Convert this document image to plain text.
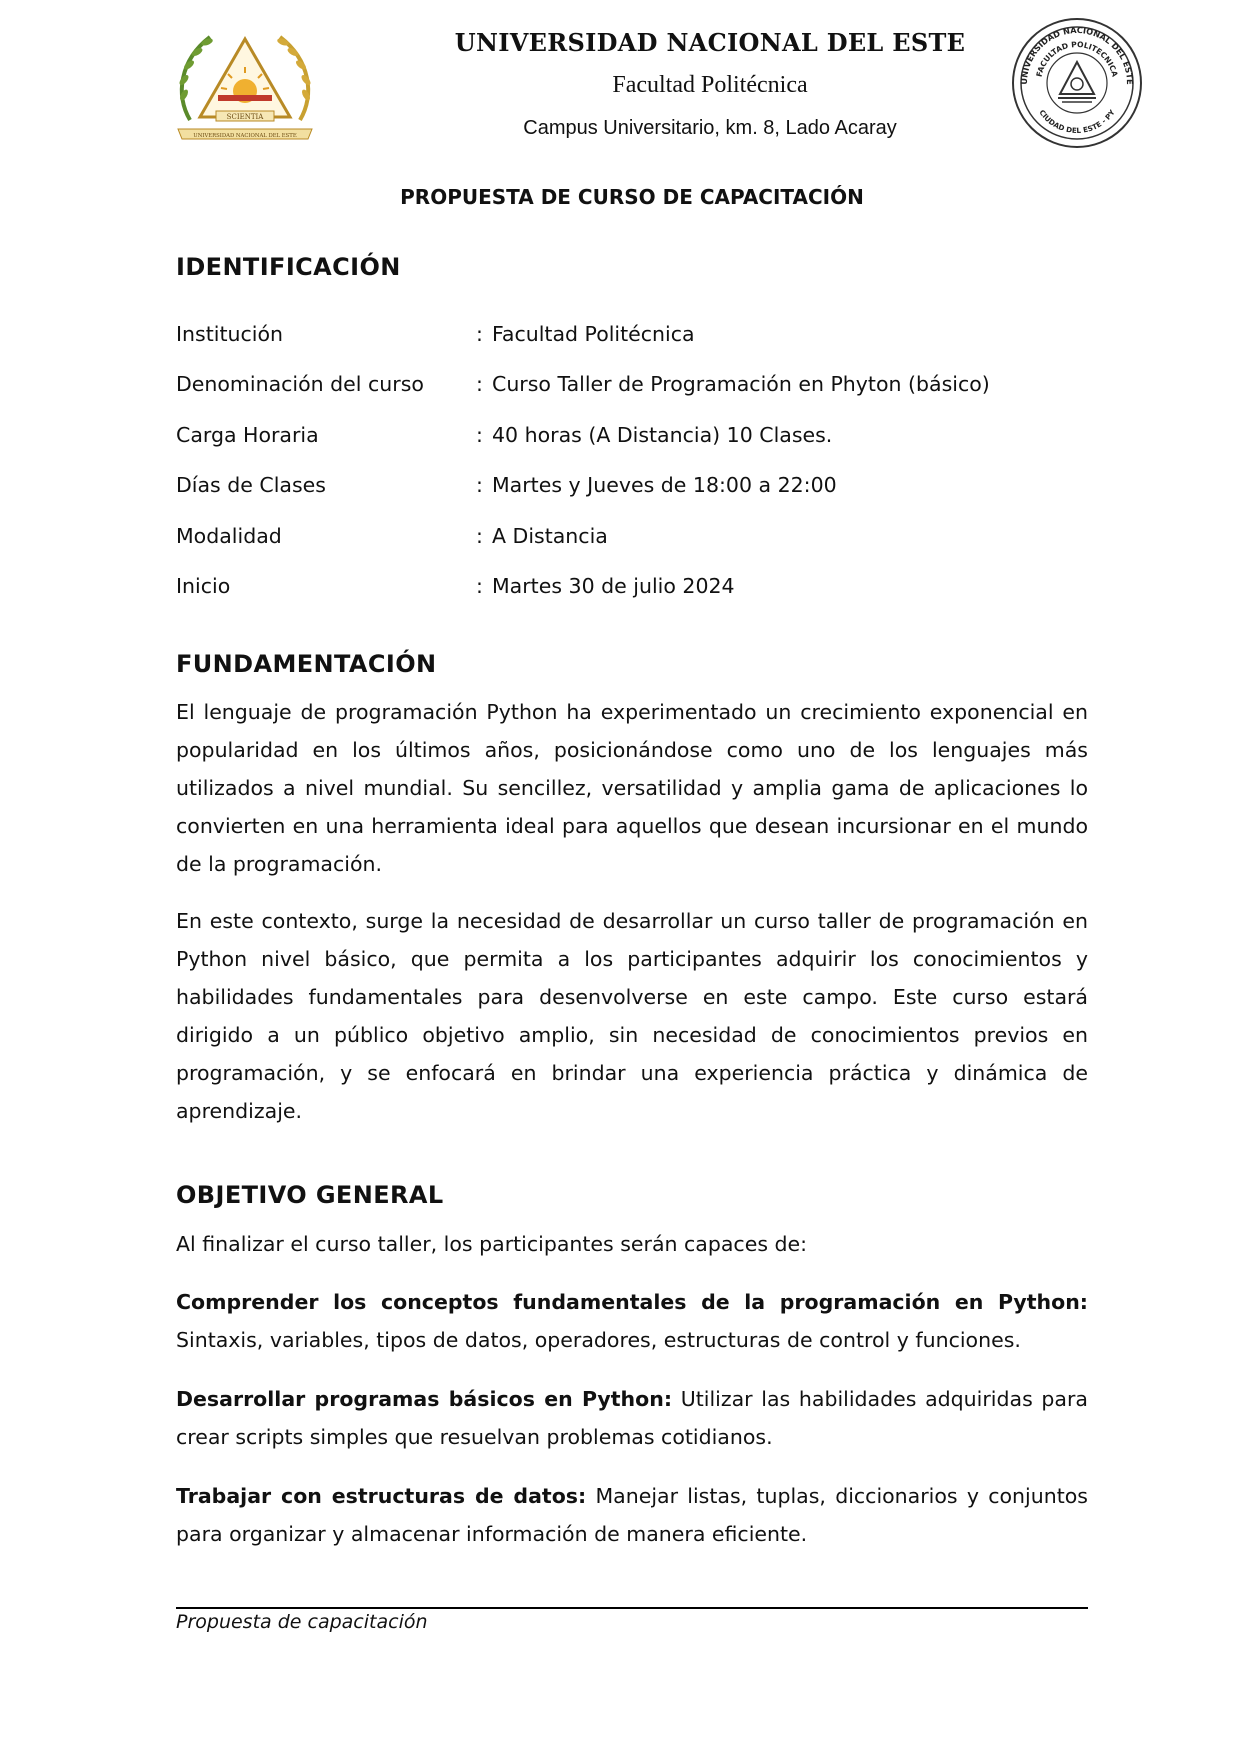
SCIENTIA
UNIVERSIDAD NACIONAL DEL ESTE
UNIVERSIDAD NACIONAL DEL ESTE
Facultad Politécnica
Campus Universitario, km. 8, Lado Acaray
UNIVERSIDAD NACIONAL DEL ESTE
FACULTAD POLITECNICA
CIUDAD DEL ESTE - PY
PROPUESTA DE CURSO DE CAPACITACIÓN
IDENTIFICACIÓN
Institución	: Facultad Politécnica
Denominación del curso	: Curso Taller de Programación en Phyton (básico)
Carga Horaria	: 40 horas (A Distancia) 10 Clases.
Días de Clases	: Martes y Jueves de 18:00 a 22:00
Modalidad	: A Distancia
Inicio	: Martes 30 de julio 2024
FUNDAMENTACIÓN

El lenguaje de programación Python ha experimentado un crecimiento exponencial en popularidad en los últimos años, posicionándose como uno de los lenguajes más utilizados a nivel mundial. Su sencillez, versatilidad y amplia gama de aplicaciones lo convierten en una herramienta ideal para aquellos que desean incursionar en el mundo de la programación.

En este contexto, surge la necesidad de desarrollar un curso taller de programación en Python nivel básico, que permita a los participantes adquirir los conocimientos y habilidades fundamentales para desenvolverse en este campo. Este curso estará dirigido a un público objetivo amplio, sin necesidad de conocimientos previos en programación, y se enfocará en brindar una experiencia práctica y dinámica de aprendizaje.

OBJETIVO GENERAL

Al finalizar el curso taller, los participantes serán capaces de:

Comprender los conceptos fundamentales de la programación en Python: Sintaxis, variables, tipos de datos, operadores, estructuras de control y funciones.

Desarrollar programas básicos en Python: Utilizar las habilidades adquiridas para crear scripts simples que resuelvan problemas cotidianos.

Trabajar con estructuras de datos: Manejar listas, tuplas, diccionarios y conjuntos para organizar y almacenar información de manera eficiente.

Propuesta de capacitación
